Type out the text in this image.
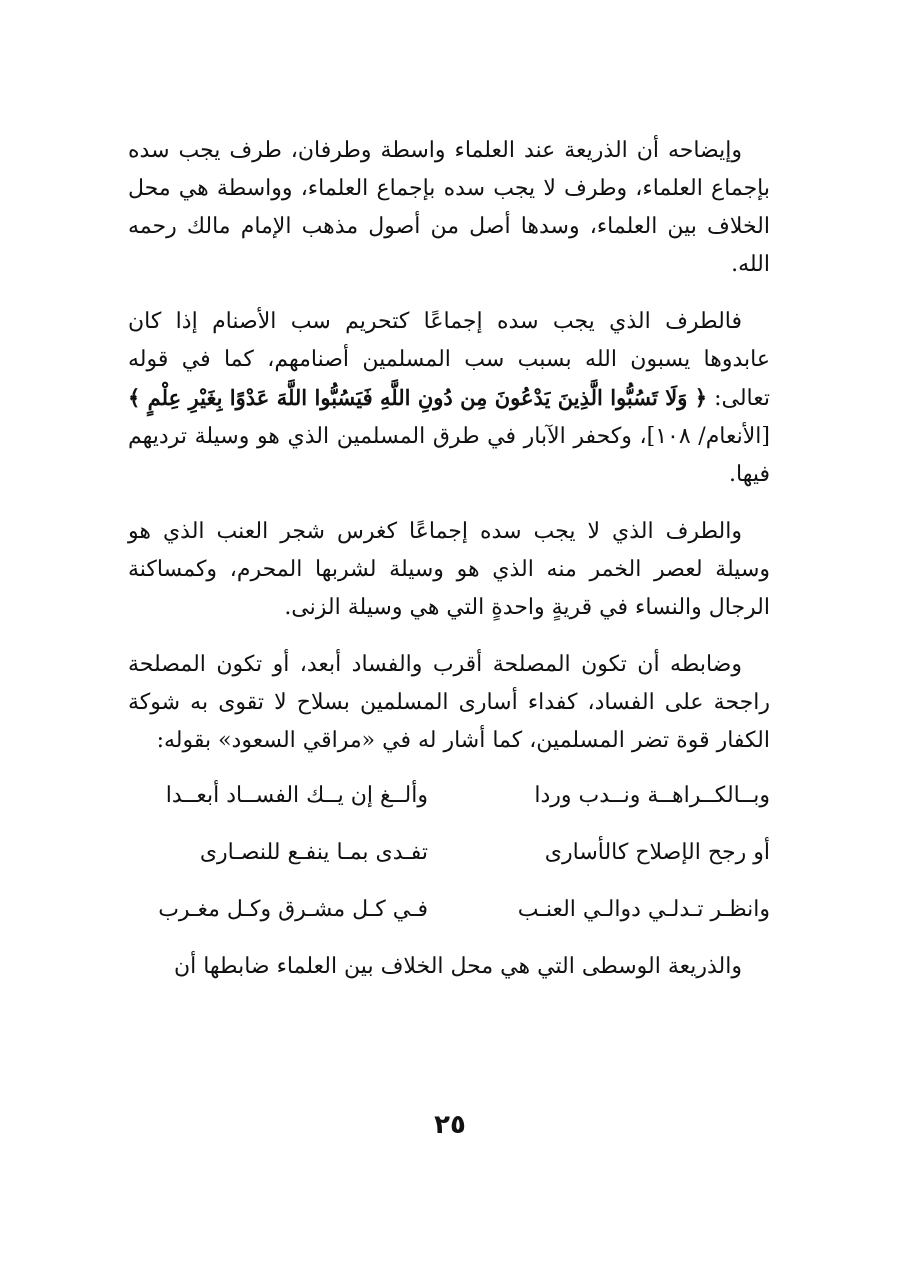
وإيضاحه أن الذريعة عند العلماء واسطة وطرفان، طرف يجب سده بإجماع العلماء، وطرف لا يجب سده بإجماع العلماء، وواسطة هي محل الخلاف بين العلماء، وسدها أصل من أصول مذهب الإمام مالك رحمه الله.

فالطرف الذي يجب سده إجماعًا كتحريم سب الأصنام إذا كان عابدوها يسبون الله بسبب سب المسلمين أصنامهم، كما في قوله تعالى: ﴿ وَلَا تَسُبُّوا الَّذِينَ يَدْعُونَ مِن دُونِ اللَّهِ فَيَسُبُّوا اللَّهَ عَدْوًا بِغَيْرِ عِلْمٍ ﴾ [الأنعام/ ١٠٨]، وكحفر الآبار في طرق المسلمين الذي هو وسيلة ترديهم فيها.

والطرف الذي لا يجب سده إجماعًا كغرس شجر العنب الذي هو وسيلة لعصر الخمر منه الذي هو وسيلة لشربها المحرم، وكمساكنة الرجال والنساء في قريةٍ واحدةٍ التي هي وسيلة الزنى.

وضابطه أن تكون المصلحة أقرب والفساد أبعد، أو تكون المصلحة راجحة على الفساد، كفداء أسارى المسلمين بسلاح لا تقوى به شوكة الكفار قوة تضر المسلمين، كما أشار له في «مراقي السعود» بقوله:

وبــالكــراهــة ونــدب وردا
وألــغ إن يــك الفســاد أبعــدا
أو رجح الإصلاح كالأسارى
تفـدى بمـا ينفـع للنصـارى
وانظـر تـدلـي دوالـي العنـب
فـي كـل مشـرق وكـل مغـرب

والذريعة الوسطى التي هي محل الخلاف بين العلماء ضابطها أن

٢٥
